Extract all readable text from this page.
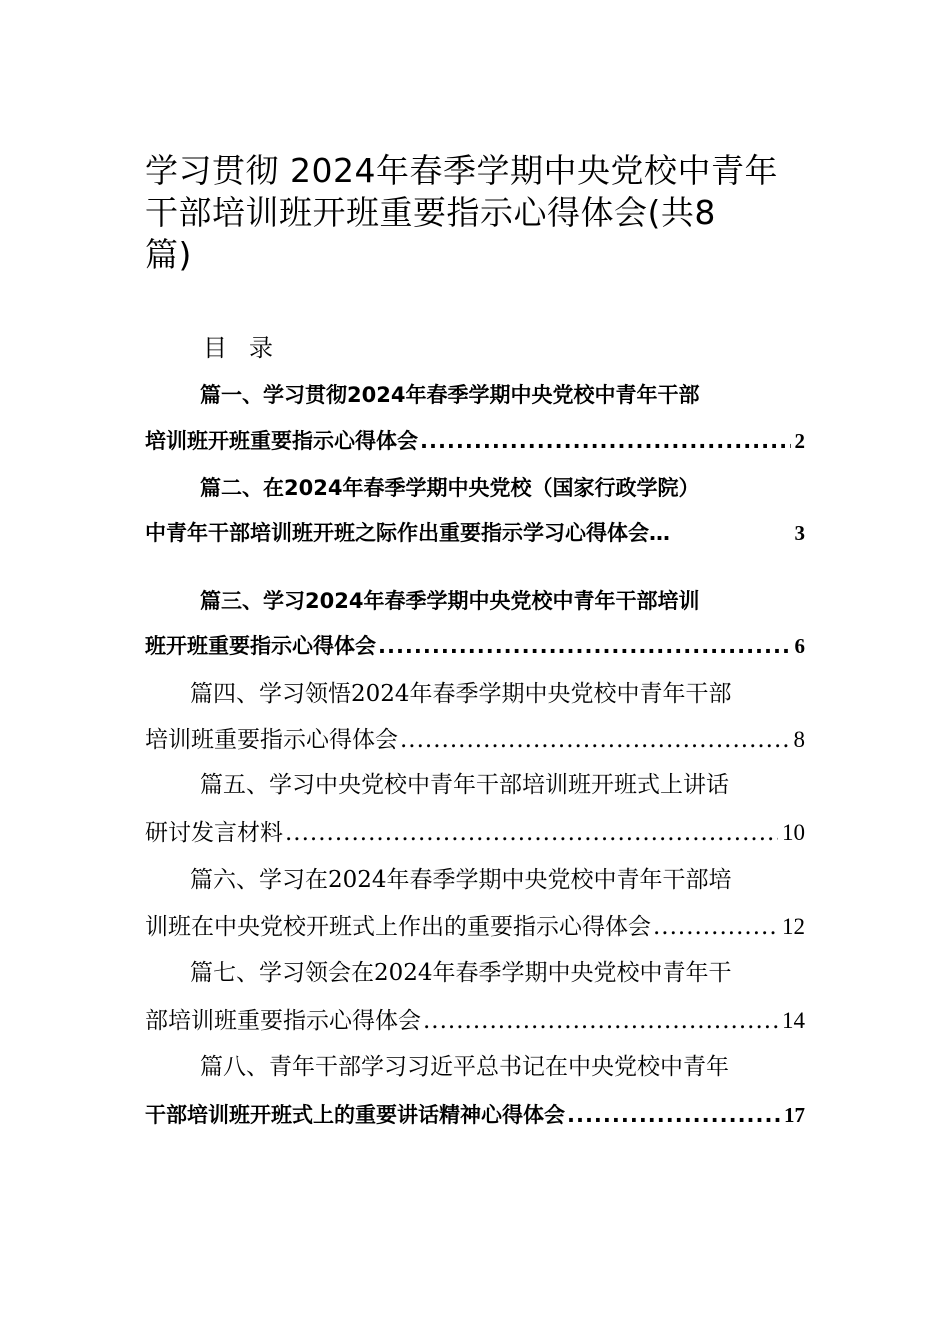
学习贯彻 2024年春季学期中央党校中青年
干部培训班开班重要指示心得体会(共8
篇)
目录
篇一、学习贯彻2024年春季学期中央党校中青年干部
培训班开班重要指示心得体会 .....	2
篇二、在2024年春季学期中央党校（国家行政学院）
中青年干部培训班开班之际作出重要指示学习心得体会…	3
篇三、学习2024年春季学期中央党校中青年干部培训
班开班重要指示心得体会 .....	6
篇四、学习领悟2024年春季学期中央党校中青年干部
培训班重要指示心得体会 .....	8
篇五、学习中央党校中青年干部培训班开班式上讲话
研讨发言材料 .....	10
篇六、学习在2024年春季学期中央党校中青年干部培
训班在中央党校开班式上作出的重要指示心得体会 .....	12
篇七、学习领会在2024年春季学期中央党校中青年干
部培训班重要指示心得体会 .....	14
篇八、青年干部学习习近平总书记在中央党校中青年
干部培训班开班式上的重要讲话精神心得体会 .....	17
